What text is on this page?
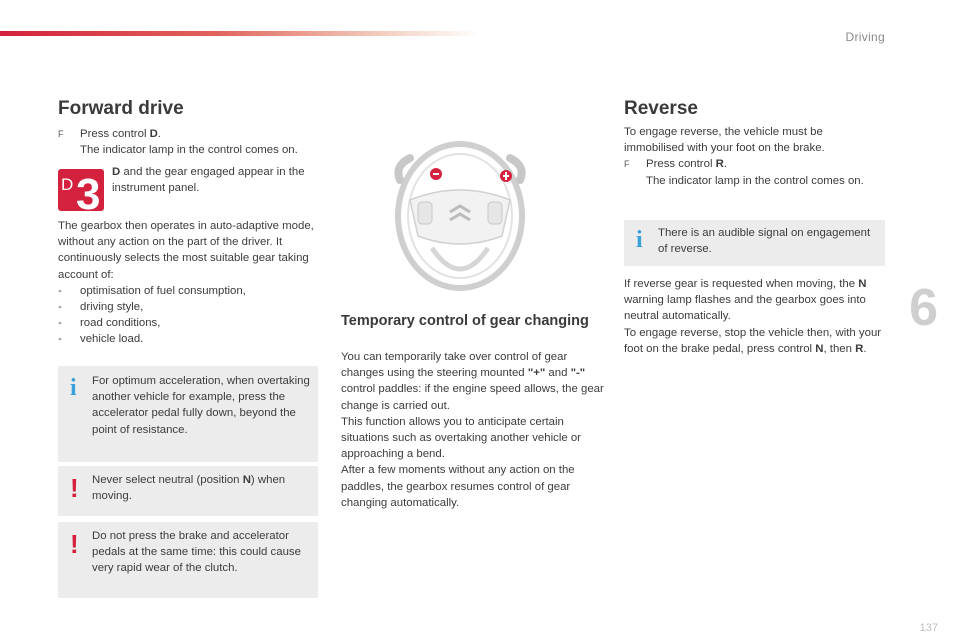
Driving
6
137
Forward drive
F	Press control D.
The indicator lamp in the control comes on.
D 3 D and the gear engaged appear in the instrument panel.

The gearbox then operates in auto-adaptive mode, without any action on the part of the driver. It continuously selects the most suitable gear taking account of:

-	optimisation of fuel consumption,
-	driving style,
-	road conditions,
-	vehicle load.
i For optimum acceleration, when overtaking another vehicle for example, press the accelerator pedal fully down, beyond the point of resistance.
! Never select neutral (position N) when moving.
! Do not press the brake and accelerator pedals at the same time: this could cause very rapid wear of the clutch.
Temporary control of gear changing

You can temporarily take over control of gear changes using the steering mounted "+" and "-" control paddles: if the engine speed allows, the gear change is carried out.

This function allows you to anticipate certain situations such as overtaking another vehicle or approaching a bend.

After a few moments without any action on the paddles, the gearbox resumes control of gear changing automatically.

Reverse

To engage reverse, the vehicle must be immobilised with your foot on the brake.

F	Press control R.
The indicator lamp in the control comes on.
i There is an audible signal on engagement of reverse.

If reverse gear is requested when moving, the N warning lamp flashes and the gearbox goes into neutral automatically.

To engage reverse, stop the vehicle then, with your foot on the brake pedal, press control N, then R.
